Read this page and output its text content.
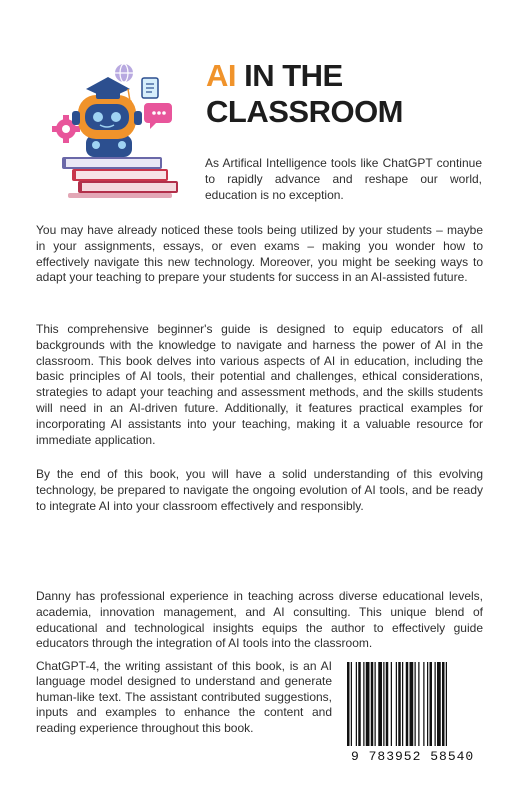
AI IN THE
CLASSROOM

As Artifical Intelligence tools like ChatGPT continue to rapidly advance and reshape our world, education is no exception.

You may have already noticed these tools being utilized by your students – maybe in your assignments, essays, or even exams – making you wonder how to effectively navigate this new technology. Moreover, you might be seeking ways to adapt your teaching to prepare your students for success in an AI-assisted future.

This comprehensive beginner's guide is designed to equip educators of all backgrounds with the knowledge to navigate and harness the power of AI in the classroom. This book delves into various aspects of AI in education, including the basic principles of AI tools, their potential and challenges, ethical considerations, strategies to adapt your teaching and assessment methods, and the skills students will need in an AI-driven future. Additionally, it features practical examples for incorporating AI assistants into your teaching, making it a valuable resource for immediate application.

By the end of this book, you will have a solid understanding of this evolving technology, be prepared to navigate the ongoing evolution of AI tools, and be ready to integrate AI into your classroom effectively and responsibly.

Danny has professional experience in teaching across diverse educational levels, academia, innovation management, and AI consulting. This unique blend of educational and technological insights equips the author to effectively guide educators through the integration of AI tools into the classroom.

ChatGPT-4, the writing assistant of this book, is an AI language model designed to understand and generate human-like text. The assistant contributed suggestions, inputs and examples to enhance the content and reading experience throughout this book.

9 783952 58540
